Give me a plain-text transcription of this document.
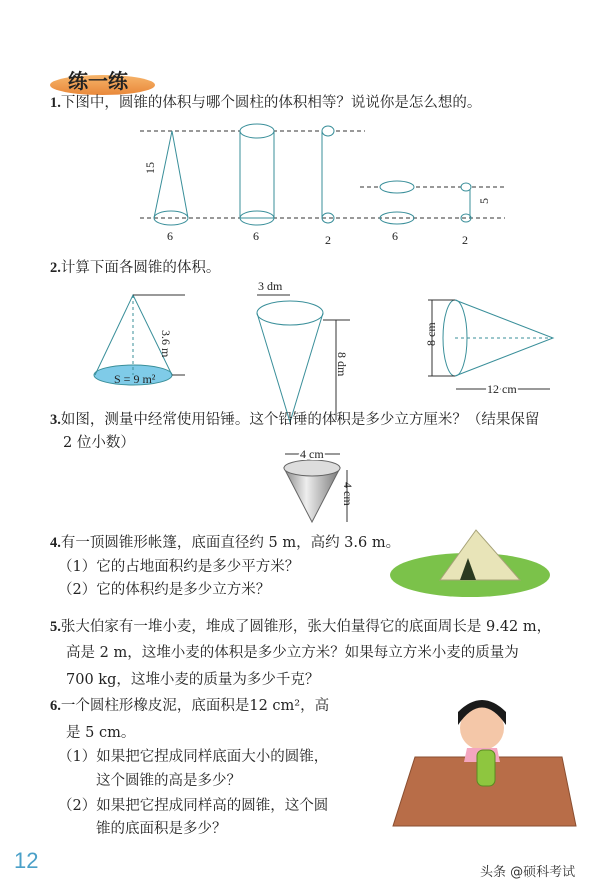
练一练
1.下图中，圆锥的体积与哪个圆柱的体积相等？说说你是怎么想的。
15
6	6	2	6	2
5
3.6 m
S = 9 m²
3 dm
8 dm
8 cm
12 cm
4 cm
4 cm
2.计算下面各圆锥的体积。
3.如图，测量中经常使用铅锤。这个铅锤的体积是多少立方厘米？（结果保留
2 位小数）
4.有一顶圆锥形帐篷，底面直径约 5 m，高约 3.6 m。
（1）它的占地面积约是多少平方米？
（2）它的体积约是多少立方米？
5.张大伯家有一堆小麦，堆成了圆锥形，张大伯量得它的底面周长是 9.42 m，
高是 2 m，这堆小麦的体积是多少立方米？如果每立方米小麦的质量为
700 kg，这堆小麦的质量为多少千克？
6.一个圆柱形橡皮泥，底面积是12 cm²，高
是 5 cm。
（1）如果把它捏成同样底面大小的圆锥，
这个圆锥的高是多少？
（2）如果把它捏成同样高的圆锥，这个圆
锥的底面积是多少？
12	头条 @硕科考试
